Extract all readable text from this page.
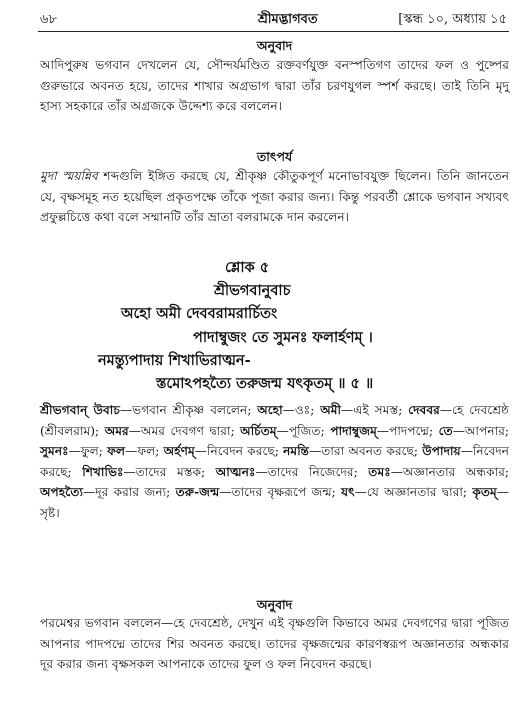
৬৮	শ্রীমদ্ভাগবত	[স্কন্ধ ১০, অধ্যায় ১৫
অনুবাদ

আদিপুরুষ ভগবান দেখলেন যে, সৌন্দর্যমণ্ডিত রক্তবর্ণযুক্ত বনস্পতিগণ তাদের ফল ও পুষ্পের গুরুভারে অবনত হয়ে, তাদের শাখার অগ্রভাগ দ্বারা তাঁর চরণযুগল স্পর্শ করছে। তাই তিনি মৃদু হাস্য সহকারে তাঁর অগ্রজকে উদ্দেশ্য করে বললেন।

তাৎপর্য

মুদা স্ময়ন্নিব শব্দগুলি ইঙ্গিত করছে যে, শ্রীকৃষ্ণ কৌতুকপূর্ণ মনোভাবযুক্ত ছিলেন। তিনি জানতেন যে, বৃক্ষসমূহ নত হয়েছিল প্রকৃতপক্ষে তাঁকে পূজা করার জন্য। কিন্তু পরবর্তী শ্লোকে ভগবান সখ্যবৎ প্রফুল্লচিত্তে কথা বলে সম্মানটি তাঁর ভ্রাতা বলরামকে দান করলেন।

শ্লোক ৫
শ্রীভগবানুবাচ
অহো অমী দেববরামরার্চিতং
পাদাম্বুজং তে সুমনঃ ফলার্হণম্ ।
নমন্ত্যুপাদায় শিখাভিরাত্মন-
স্তমোঽপহত্যৈ তরুজন্ম যৎকৃতম্ ॥ ৫ ॥

শ্রীভগবান্ উবাচ—ভগবান শ্রীকৃষ্ণ বললেন; অহো—ওঃ; অমী—এই সমস্ত; দেববর—হে দেবশ্রেষ্ঠ (শ্রীবলরাম); অমর—অমর দেবগণ দ্বারা; অর্চিতম্—পূজিত; পাদাম্বুজম্—পাদপদ্মে; তে—আপনার; সুমনঃ—ফুল; ফল—ফল; অর্হণম্—নিবেদন করছে; নমন্তি—তারা অবনত করছে; উপাদায়—নিবেদন করছে; শিখাভিঃ—তাদের মস্তক; আত্মনঃ—তাদের নিজেদের; তমঃ—অজ্ঞানতার অন্ধকার; অপহত্যৈ—দূর করার জন্য; তরু-জন্ম—তাদের বৃক্ষরূপে জন্ম; যৎ—যে অজ্ঞানতার দ্বারা; কৃতম্—সৃষ্ট।

অনুবাদ

পরমেশ্বর ভগবান বললেন—হে দেবশ্রেষ্ঠ, দেখুন এই বৃক্ষগুলি কিভাবে অমর দেবগণের দ্বারা পূজিত আপনার পাদপদ্মে তাদের শির অবনত করছে। তাদের বৃক্ষজন্মের কারণস্বরূপ অজ্ঞানতার অন্ধকার দূর করার জন্য বৃক্ষসকল আপনাকে তাদের ফুল ও ফল নিবেদন করছে।
